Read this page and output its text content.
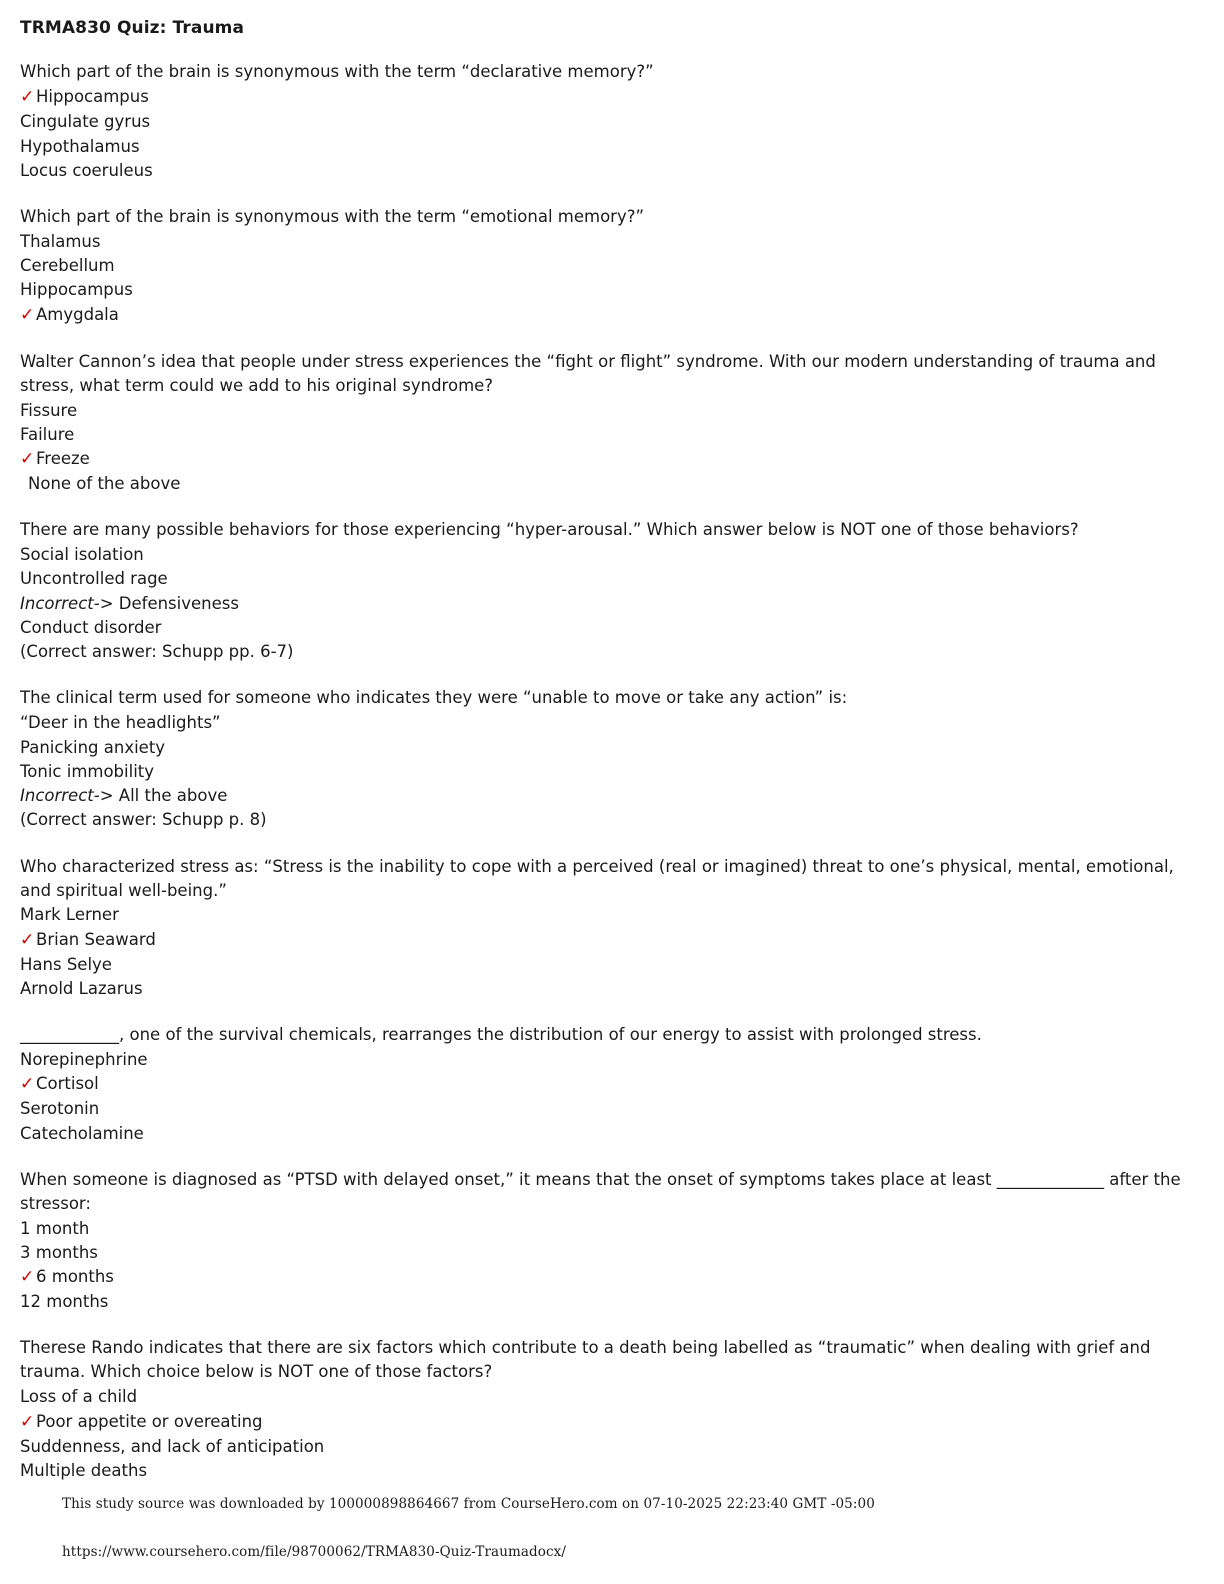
TRMA830 Quiz: Trauma
Which part of the brain is synonymous with the term “declarative memory?”
✓ Hippocampus
Cingulate gyrus
Hypothalamus
Locus coeruleus
Which part of the brain is synonymous with the term “emotional memory?”
Thalamus
Cerebellum
Hippocampus
✓ Amygdala
Walter Cannon’s idea that people under stress experiences the “fight or flight” syndrome. With our modern understanding of trauma and stress, what term could we add to his original syndrome?
Fissure
Failure
✓ Freeze
None of the above
There are many possible behaviors for those experiencing “hyper-arousal.” Which answer below is NOT one of those behaviors?
Social isolation
Uncontrolled rage
Incorrect-> Defensiveness
Conduct disorder
(Correct answer: Schupp pp. 6-7)
The clinical term used for someone who indicates they were “unable to move or take any action” is:
“Deer in the headlights”
Panicking anxiety
Tonic immobility
Incorrect-> All the above
(Correct answer: Schupp p. 8)
Who characterized stress as: “Stress is the inability to cope with a perceived (real or imagined) threat to one’s physical, mental, emotional, and spiritual well-being.”
Mark Lerner
✓ Brian Seaward
Hans Selye
Arnold Lazarus
____________, one of the survival chemicals, rearranges the distribution of our energy to assist with prolonged stress.
Norepinephrine
✓ Cortisol
Serotonin
Catecholamine
When someone is diagnosed as “PTSD with delayed onset,” it means that the onset of symptoms takes place at least _____________ after the stressor:
1 month
3 months
✓ 6 months
12 months
Therese Rando indicates that there are six factors which contribute to a death being labelled as “traumatic” when dealing with grief and trauma. Which choice below is NOT one of those factors?
Loss of a child
✓ Poor appetite or overeating
Suddenness, and lack of anticipation
Multiple deaths
This study source was downloaded by 100000898864667 from CourseHero.com on 07-10-2025 22:23:40 GMT -05:00
https://www.coursehero.com/file/98700062/TRMA830-Quiz-Traumadocx/
